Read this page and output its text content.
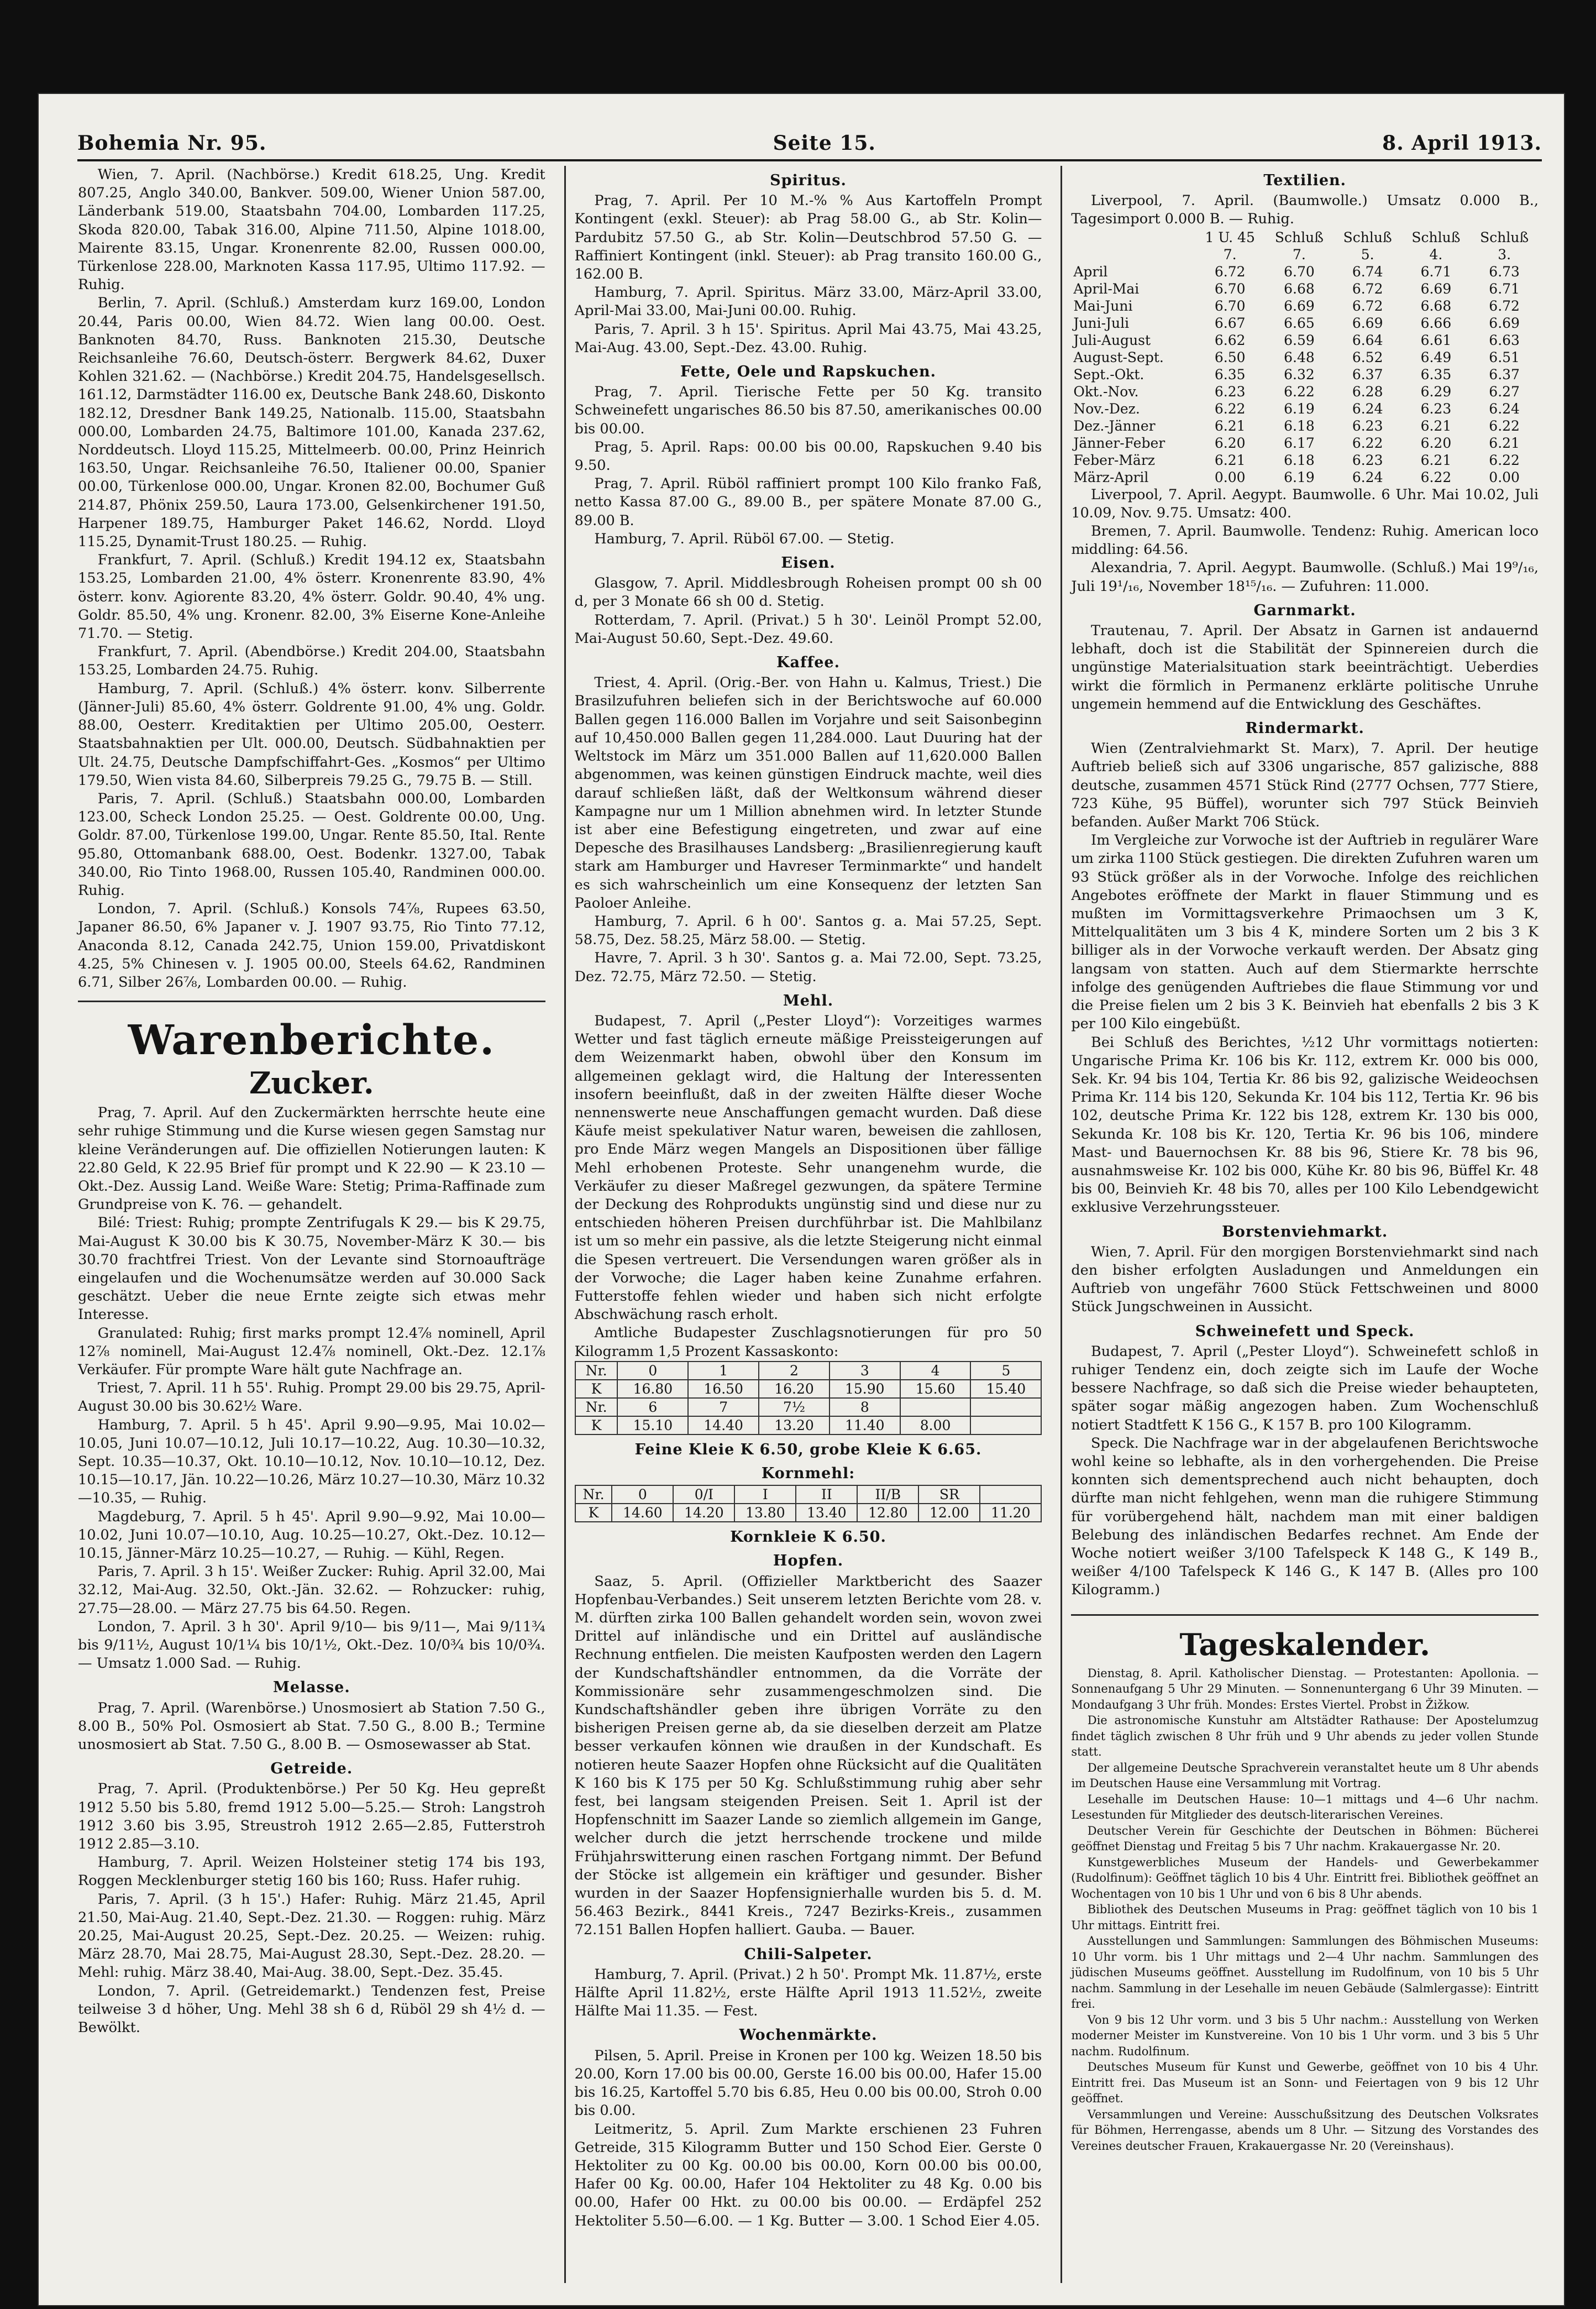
Bohemia Nr. 95.	Seite 15.	8. April 1913.

Wien, 7. April. (Nachbörse.) Kredit 618.25, Ung. Kredit 807.25, Anglo 340.00, Bankver. 509.00, Wiener Union 587.00, Länderbank 519.00, Staatsbahn 704.00, Lombarden 117.25, Skoda 820.00, Tabak 316.00, Alpine 711.50, Alpine 1018.00, Mairente 83.15, Ungar. Kronenrente 82.00, Russen 000.00, Türkenlose 228.00, Marknoten Kassa 117.95, Ultimo 117.92. — Ruhig.

Berlin, 7. April. (Schluß.) Amsterdam kurz 169.00, London 20.44, Paris 00.00, Wien 84.72. Wien lang 00.00. Oest. Banknoten 84.70, Russ. Banknoten 215.30, Deutsche Reichsanleihe 76.60, Deutsch-österr. Bergwerk 84.62, Duxer Kohlen 321.62. — (Nachbörse.) Kredit 204.75, Handelsgesellsch. 161.12, Darmstädter 116.00 ex, Deutsche Bank 248.60, Diskonto 182.12, Dresdner Bank 149.25, Nationalb. 115.00, Staatsbahn 000.00, Lombarden 24.75, Baltimore 101.00, Kanada 237.62, Norddeutsch. Lloyd 115.25, Mittelmeerb. 00.00, Prinz Heinrich 163.50, Ungar. Reichsanleihe 76.50, Italiener 00.00, Spanier 00.00, Türkenlose 000.00, Ungar. Kronen 82.00, Bochumer Guß 214.87, Phönix 259.50, Laura 173.00, Gelsenkirchener 191.50, Harpener 189.75, Hamburger Paket 146.62, Nordd. Lloyd 115.25, Dynamit-Trust 180.25. — Ruhig.

Frankfurt, 7. April. (Schluß.) Kredit 194.12 ex, Staatsbahn 153.25, Lombarden 21.00, 4% österr. Kronenrente 83.90, 4% österr. konv. Agiorente 83.20, 4% österr. Goldr. 90.40, 4% ung. Goldr. 85.50, 4% ung. Kronenr. 82.00, 3% Eiserne Kone-Anleihe 71.70. — Stetig.

Frankfurt, 7. April. (Abendbörse.) Kredit 204.00, Staatsbahn 153.25, Lombarden 24.75. Ruhig.

Hamburg, 7. April. (Schluß.) 4% österr. konv. Silberrente (Jänner-Juli) 85.60, 4% österr. Goldrente 91.00, 4% ung. Goldr. 88.00, Oesterr. Kreditaktien per Ultimo 205.00, Oesterr. Staatsbahnaktien per Ult. 000.00, Deutsch. Südbahnaktien per Ult. 24.75, Deutsche Dampfschiffahrt-Ges. „Kosmos“ per Ultimo 179.50, Wien vista 84.60, Silberpreis 79.25 G., 79.75 B. — Still.

Paris, 7. April. (Schluß.) Staatsbahn 000.00, Lombarden 123.00, Scheck London 25.25. — Oest. Goldrente 00.00, Ung. Goldr. 87.00, Türkenlose 199.00, Ungar. Rente 85.50, Ital. Rente 95.80, Ottomanbank 688.00, Oest. Bodenkr. 1327.00, Tabak 340.00, Rio Tinto 1968.00, Russen 105.40, Randminen 000.00. Ruhig.

London, 7. April. (Schluß.) Konsols 74⅞, Rupees 63.50, Japaner 86.50, 6% Japaner v. J. 1907 93.75, Rio Tinto 77.12, Anaconda 8.12, Canada 242.75, Union 159.00, Privatdiskont 4.25, 5% Chinesen v. J. 1905 00.00, Steels 64.62, Randminen 6.71, Silber 26⅞, Lombarden 00.00. — Ruhig.

Warenberichte.
Zucker.

Prag, 7. April. Auf den Zuckermärkten herrschte heute eine sehr ruhige Stimmung und die Kurse wiesen gegen Samstag nur kleine Veränderungen auf. Die offiziellen Notierungen lauten: K 22.80 Geld, K 22.95 Brief für prompt und K 22.90 — K 23.10 — Okt.-Dez. Aussig Land. Weiße Ware: Stetig; Prima-Raffinade zum Grundpreise von K. 76. — gehandelt.

Bilé: Triest: Ruhig; prompte Zentrifugals K 29.— bis K 29.75, Mai-August K 30.00 bis K 30.75, November-März K 30.— bis 30.70 frachtfrei Triest. Von der Levante sind Stornoaufträge eingelaufen und die Wochenumsätze werden auf 30.000 Sack geschätzt. Ueber die neue Ernte zeigte sich etwas mehr Interesse.

Granulated: Ruhig; first marks prompt 12.4⅞ nominell, April 12⅞ nominell, Mai-August 12.4⅞ nominell, Okt.-Dez. 12.1⅞ Verkäufer. Für prompte Ware hält gute Nachfrage an.

Triest, 7. April. 11 h 55'. Ruhig. Prompt 29.00 bis 29.75, April-August 30.00 bis 30.62½ Ware.

Hamburg, 7. April. 5 h 45'. April 9.90—9.95, Mai 10.02—10.05, Juni 10.07—10.12, Juli 10.17—10.22, Aug. 10.30—10.32, Sept. 10.35—10.37, Okt. 10.10—10.12, Nov. 10.10—10.12, Dez. 10.15—10.17, Jän. 10.22—10.26, März 10.27—10.30, März 10.32—10.35, — Ruhig.

Magdeburg, 7. April. 5 h 45'. April 9.90—9.92, Mai 10.00—10.02, Juni 10.07—10.10, Aug. 10.25—10.27, Okt.-Dez. 10.12—10.15, Jänner-März 10.25—10.27, — Ruhig. — Kühl, Regen.

Paris, 7. April. 3 h 15'. Weißer Zucker: Ruhig. April 32.00, Mai 32.12, Mai-Aug. 32.50, Okt.-Jän. 32.62. — Rohzucker: ruhig, 27.75—28.00. — März 27.75 bis 64.50. Regen.

London, 7. April. 3 h 30'. April 9/10— bis 9/11—, Mai 9/11¾ bis 9/11½, August 10/1¼ bis 10/1½, Okt.-Dez. 10/0¾ bis 10/0¾. — Umsatz 1.000 Sad. — Ruhig.

Melasse.

Prag, 7. April. (Warenbörse.) Unosmosiert ab Station 7.50 G., 8.00 B., 50% Pol. Osmosiert ab Stat. 7.50 G., 8.00 B.; Termine unosmosiert ab Stat. 7.50 G., 8.00 B. — Osmosewasser ab Stat.

Getreide.

Prag, 7. April. (Produktenbörse.) Per 50 Kg. Heu gepreßt 1912 5.50 bis 5.80, fremd 1912 5.00—5.25.— Stroh: Langstroh 1912 3.60 bis 3.95, Streustroh 1912 2.65—2.85, Futterstroh 1912 2.85—3.10.

Hamburg, 7. April. Weizen Holsteiner stetig 174 bis 193, Roggen Mecklenburger stetig 160 bis 160; Russ. Hafer ruhig.

Paris, 7. April. (3 h 15'.) Hafer: Ruhig. März 21.45, April 21.50, Mai-Aug. 21.40, Sept.-Dez. 21.30. — Roggen: ruhig. März 20.25, Mai-August 20.25, Sept.-Dez. 20.25. — Weizen: ruhig. März 28.70, Mai 28.75, Mai-August 28.30, Sept.-Dez. 28.20. — Mehl: ruhig. März 38.40, Mai-Aug. 38.00, Sept.-Dez. 35.45.

London, 7. April. (Getreidemarkt.) Tendenzen fest, Preise teilweise 3 d höher, Ung. Mehl 38 sh 6 d, Rüböl 29 sh 4½ d. — Bewölkt.

Spiritus.

Prag, 7. April. Per 10 M.-% % Aus Kartoffeln Prompt Kontingent (exkl. Steuer): ab Prag 58.00 G., ab Str. Kolin—Pardubitz 57.50 G., ab Str. Kolin—Deutschbrod 57.50 G. — Raffiniert Kontingent (inkl. Steuer): ab Prag transito 160.00 G., 162.00 B.

Hamburg, 7. April. Spiritus. März 33.00, März-April 33.00, April-Mai 33.00, Mai-Juni 00.00. Ruhig.

Paris, 7. April. 3 h 15'. Spiritus. April Mai 43.75, Mai 43.25, Mai-Aug. 43.00, Sept.-Dez. 43.00. Ruhig.

Fette, Oele und Rapskuchen.

Prag, 7. April. Tierische Fette per 50 Kg. transito Schweinefett ungarisches 86.50 bis 87.50, amerikanisches 00.00 bis 00.00.

Prag, 5. April. Raps: 00.00 bis 00.00, Rapskuchen 9.40 bis 9.50.

Prag, 7. April. Rüböl raffiniert prompt 100 Kilo franko Faß, netto Kassa 87.00 G., 89.00 B., per spätere Monate 87.00 G., 89.00 B.

Hamburg, 7. April. Rüböl 67.00. — Stetig.

Eisen.

Glasgow, 7. April. Middlesbrough Roheisen prompt 00 sh 00 d, per 3 Monate 66 sh 00 d. Stetig.

Rotterdam, 7. April. (Privat.) 5 h 30'. Leinöl Prompt 52.00, Mai-August 50.60, Sept.-Dez. 49.60.

Kaffee.

Triest, 4. April. (Orig.-Ber. von Hahn u. Kalmus, Triest.) Die Brasilzufuhren beliefen sich in der Berichtswoche auf 60.000 Ballen gegen 116.000 Ballen im Vorjahre und seit Saisonbeginn auf 10,450.000 Ballen gegen 11,284.000. Laut Duuring hat der Weltstock im März um 351.000 Ballen auf 11,620.000 Ballen abgenommen, was keinen günstigen Eindruck machte, weil dies darauf schließen läßt, daß der Weltkonsum während dieser Kampagne nur um 1 Million abnehmen wird. In letzter Stunde ist aber eine Befestigung eingetreten, und zwar auf eine Depesche des Brasilhauses Landsberg: „Brasilienregierung kauft stark am Hamburger und Havreser Terminmarkte“ und handelt es sich wahrscheinlich um eine Konsequenz der letzten San Paoloer Anleihe.

Hamburg, 7. April. 6 h 00'. Santos g. a. Mai 57.25, Sept. 58.75, Dez. 58.25, März 58.00. — Stetig.

Havre, 7. April. 3 h 30'. Santos g. a. Mai 72.00, Sept. 73.25, Dez. 72.75, März 72.50. — Stetig.

Mehl.

Budapest, 7. April („Pester Lloyd“): Vorzeitiges warmes Wetter und fast täglich erneute mäßige Preissteigerungen auf dem Weizenmarkt haben, obwohl über den Konsum im allgemeinen geklagt wird, die Haltung der Interessenten insofern beeinflußt, daß in der zweiten Hälfte dieser Woche nennenswerte neue Anschaffungen gemacht wurden. Daß diese Käufe meist spekulativer Natur waren, beweisen die zahllosen, pro Ende März wegen Mangels an Dispositionen über fällige Mehl erhobenen Proteste. Sehr unangenehm wurde, die Verkäufer zu dieser Maßregel gezwungen, da spätere Termine der Deckung des Rohprodukts ungünstig sind und diese nur zu entschieden höheren Preisen durchführbar ist. Die Mahlbilanz ist um so mehr ein passive, als die letzte Steigerung nicht einmal die Spesen vertreuert. Die Versendungen waren größer als in der Vorwoche; die Lager haben keine Zunahme erfahren. Futterstoffe fehlen wieder und haben sich nicht erfolgte Abschwächung rasch erholt.

Amtliche Budapester Zuschlagsnotierungen für pro 50 Kilogramm 1,5 Prozent Kassaskonto:

Nr.	0	1	2	3	4	5
K	16.80	16.50	16.20	15.90	15.60	15.40
Nr.	6	7	7½	8		
K	15.10	14.40	13.20	11.40	8.00	
Feine Kleie K 6.50, grobe Kleie K 6.65.
Kornmehl:
Nr.	0	0/I	I	II	II/B	SR	
K	14.60	14.20	13.80	13.40	12.80	12.00	11.20
Kornkleie K 6.50.
Hopfen.

Saaz, 5. April. (Offizieller Marktbericht des Saazer Hopfenbau-Verbandes.) Seit unserem letzten Berichte vom 28. v. M. dürften zirka 100 Ballen gehandelt worden sein, wovon zwei Drittel auf inländische und ein Drittel auf ausländische Rechnung entfielen. Die meisten Kaufposten werden den Lagern der Kundschaftshändler entnommen, da die Vorräte der Kommissionäre sehr zusammengeschmolzen sind. Die Kundschaftshändler geben ihre übrigen Vorräte zu den bisherigen Preisen gerne ab, da sie dieselben derzeit am Platze besser verkaufen können wie draußen in der Kundschaft. Es notieren heute Saazer Hopfen ohne Rücksicht auf die Qualitäten K 160 bis K 175 per 50 Kg. Schlußstimmung ruhig aber sehr fest, bei langsam steigenden Preisen. Seit 1. April ist der Hopfenschnitt im Saazer Lande so ziemlich allgemein im Gange, welcher durch die jetzt herrschende trockene und milde Frühjahrswitterung einen raschen Fortgang nimmt. Der Befund der Stöcke ist allgemein ein kräftiger und gesunder. Bisher wurden in der Saazer Hopfensignierhalle wurden bis 5. d. M. 56.463 Bezirk., 8441 Kreis., 7247 Bezirks-Kreis., zusammen 72.151 Ballen Hopfen halliert. Gauba. — Bauer.

Chili-Salpeter.

Hamburg, 7. April. (Privat.) 2 h 50'. Prompt Mk. 11.87½, erste Hälfte April 11.82½, erste Hälfte April 1913 11.52½, zweite Hälfte Mai 11.35. — Fest.

Wochenmärkte.

Pilsen, 5. April. Preise in Kronen per 100 kg. Weizen 18.50 bis 20.00, Korn 17.00 bis 00.00, Gerste 16.00 bis 00.00, Hafer 15.00 bis 16.25, Kartoffel 5.70 bis 6.85, Heu 0.00 bis 00.00, Stroh 0.00 bis 0.00.

Leitmeritz, 5. April. Zum Markte erschienen 23 Fuhren Getreide, 315 Kilogramm Butter und 150 Schod Eier. Gerste 0 Hektoliter zu 00 Kg. 00.00 bis 00.00, Korn 00.00 bis 00.00, Hafer 00 Kg. 00.00, Hafer 104 Hektoliter zu 48 Kg. 0.00 bis 00.00, Hafer 00 Hkt. zu 00.00 bis 00.00. — Erdäpfel 252 Hektoliter 5.50—6.00. — 1 Kg. Butter — 3.00. 1 Schod Eier 4.05.

Textilien.

Liverpool, 7. April. (Baumwolle.) Umsatz 0.000 B., Tagesimport 0.000 B. — Ruhig.

	1 U. 45	Schluß	Schluß	Schluß	Schluß
	7.	7.	5.	4.	3.
April	6.72	6.70	6.74	6.71	6.73
April-Mai	6.70	6.68	6.72	6.69	6.71
Mai-Juni	6.70	6.69	6.72	6.68	6.72
Juni-Juli	6.67	6.65	6.69	6.66	6.69
Juli-August	6.62	6.59	6.64	6.61	6.63
August-Sept.	6.50	6.48	6.52	6.49	6.51
Sept.-Okt.	6.35	6.32	6.37	6.35	6.37
Okt.-Nov.	6.23	6.22	6.28	6.29	6.27
Nov.-Dez.	6.22	6.19	6.24	6.23	6.24
Dez.-Jänner	6.21	6.18	6.23	6.21	6.22
Jänner-Feber	6.20	6.17	6.22	6.20	6.21
Feber-März	6.21	6.18	6.23	6.21	6.22
März-April	0.00	6.19	6.24	6.22	0.00

Liverpool, 7. April. Aegypt. Baumwolle. 6 Uhr. Mai 10.02, Juli 10.09, Nov. 9.75. Umsatz: 400.

Bremen, 7. April. Baumwolle. Tendenz: Ruhig. American loco middling: 64.56.

Alexandria, 7. April. Aegypt. Baumwolle. (Schluß.) Mai 19⁹/₁₆, Juli 19¹/₁₆, November 18¹⁵/₁₆. — Zufuhren: 11.000.

Garnmarkt.

Trautenau, 7. April. Der Absatz in Garnen ist andauernd lebhaft, doch ist die Stabilität der Spinnereien durch die ungünstige Materialsituation stark beeinträchtigt. Ueberdies wirkt die förmlich in Permanenz erklärte politische Unruhe ungemein hemmend auf die Entwicklung des Geschäftes.

Rindermarkt.

Wien (Zentralviehmarkt St. Marx), 7. April. Der heutige Auftrieb beließ sich auf 3306 ungarische, 857 galizische, 888 deutsche, zusammen 4571 Stück Rind (2777 Ochsen, 777 Stiere, 723 Kühe, 95 Büffel), worunter sich 797 Stück Beinvieh befanden. Außer Markt 706 Stück.

Im Vergleiche zur Vorwoche ist der Auftrieb in regulärer Ware um zirka 1100 Stück gestiegen. Die direkten Zufuhren waren um 93 Stück größer als in der Vorwoche. Infolge des reichlichen Angebotes eröffnete der Markt in flauer Stimmung und es mußten im Vormittagsverkehre Primaochsen um 3 K, Mittelqualitäten um 3 bis 4 K, mindere Sorten um 2 bis 3 K billiger als in der Vorwoche verkauft werden. Der Absatz ging langsam von statten. Auch auf dem Stiermarkte herrschte infolge des genügenden Auftriebes die flaue Stimmung vor und die Preise fielen um 2 bis 3 K. Beinvieh hat ebenfalls 2 bis 3 K per 100 Kilo eingebüßt.

Bei Schluß des Berichtes, ½12 Uhr vormittags notierten: Ungarische Prima Kr. 106 bis Kr. 112, extrem Kr. 000 bis 000, Sek. Kr. 94 bis 104, Tertia Kr. 86 bis 92, galizische Weideochsen Prima Kr. 114 bis 120, Sekunda Kr. 104 bis 112, Tertia Kr. 96 bis 102, deutsche Prima Kr. 122 bis 128, extrem Kr. 130 bis 000, Sekunda Kr. 108 bis Kr. 120, Tertia Kr. 96 bis 106, mindere Mast- und Bauernochsen Kr. 88 bis 96, Stiere Kr. 78 bis 96, ausnahmsweise Kr. 102 bis 000, Kühe Kr. 80 bis 96, Büffel Kr. 48 bis 00, Beinvieh Kr. 48 bis 70, alles per 100 Kilo Lebendgewicht exklusive Verzehrungssteuer.

Borstenviehmarkt.

Wien, 7. April. Für den morgigen Borstenviehmarkt sind nach den bisher erfolgten Ausladungen und Anmeldungen ein Auftrieb von ungefähr 7600 Stück Fettschweinen und 8000 Stück Jungschweinen in Aussicht.

Schweinefett und Speck.

Budapest, 7. April („Pester Lloyd“). Schweinefett schloß in ruhiger Tendenz ein, doch zeigte sich im Laufe der Woche bessere Nachfrage, so daß sich die Preise wieder behaupteten, später sogar mäßig angezogen haben. Zum Wochenschluß notiert Stadtfett K 156 G., K 157 B. pro 100 Kilogramm.

Speck. Die Nachfrage war in der abgelaufenen Berichtswoche wohl keine so lebhafte, als in den vorhergehenden. Die Preise konnten sich dementsprechend auch nicht behaupten, doch dürfte man nicht fehlgehen, wenn man die ruhigere Stimmung für vorübergehend hält, nachdem man mit einer baldigen Belebung des inländischen Bedarfes rechnet. Am Ende der Woche notiert weißer 3/100 Tafelspeck K 148 G., K 149 B., weißer 4/100 Tafelspeck K 146 G., K 147 B. (Alles pro 100 Kilogramm.)

Tageskalender.

Dienstag, 8. April. Katholischer Dienstag. — Protestanten: Apollonia. — Sonnenaufgang 5 Uhr 29 Minuten. — Sonnenuntergang 6 Uhr 39 Minuten. — Mondaufgang 3 Uhr früh. Mondes: Erstes Viertel. Probst in Žižkow.

Die astronomische Kunstuhr am Altstädter Rathause: Der Apostelumzug findet täglich zwischen 8 Uhr früh und 9 Uhr abends zu jeder vollen Stunde statt.

Der allgemeine Deutsche Sprachverein veranstaltet heute um 8 Uhr abends im Deutschen Hause eine Versammlung mit Vortrag.

Lesehalle im Deutschen Hause: 10—1 mittags und 4—6 Uhr nachm. Lesestunden für Mitglieder des deutsch-literarischen Vereines.

Deutscher Verein für Geschichte der Deutschen in Böhmen: Bücherei geöffnet Dienstag und Freitag 5 bis 7 Uhr nachm. Krakauergasse Nr. 20.

Kunstgewerbliches Museum der Handels- und Gewerbekammer (Rudolfinum): Geöffnet täglich 10 bis 4 Uhr. Eintritt frei. Bibliothek geöffnet an Wochentagen von 10 bis 1 Uhr und von 6 bis 8 Uhr abends.

Bibliothek des Deutschen Museums in Prag: geöffnet täglich von 10 bis 1 Uhr mittags. Eintritt frei.

Ausstellungen und Sammlungen: Sammlungen des Böhmischen Museums: 10 Uhr vorm. bis 1 Uhr mittags und 2—4 Uhr nachm. Sammlungen des jüdischen Museums geöffnet. Ausstellung im Rudolfinum, von 10 bis 5 Uhr nachm. Sammlung in der Lesehalle im neuen Gebäude (Salmlergasse): Eintritt frei.

Von 9 bis 12 Uhr vorm. und 3 bis 5 Uhr nachm.: Ausstellung von Werken moderner Meister im Kunstvereine. Von 10 bis 1 Uhr vorm. und 3 bis 5 Uhr nachm. Rudolfinum.

Deutsches Museum für Kunst und Gewerbe, geöffnet von 10 bis 4 Uhr. Eintritt frei. Das Museum ist an Sonn- und Feiertagen von 9 bis 12 Uhr geöffnet.

Versammlungen und Vereine: Ausschußsitzung des Deutschen Volksrates für Böhmen, Herrengasse, abends um 8 Uhr. — Sitzung des Vorstandes des Vereines deutscher Frauen, Krakauergasse Nr. 20 (Vereinshaus).
